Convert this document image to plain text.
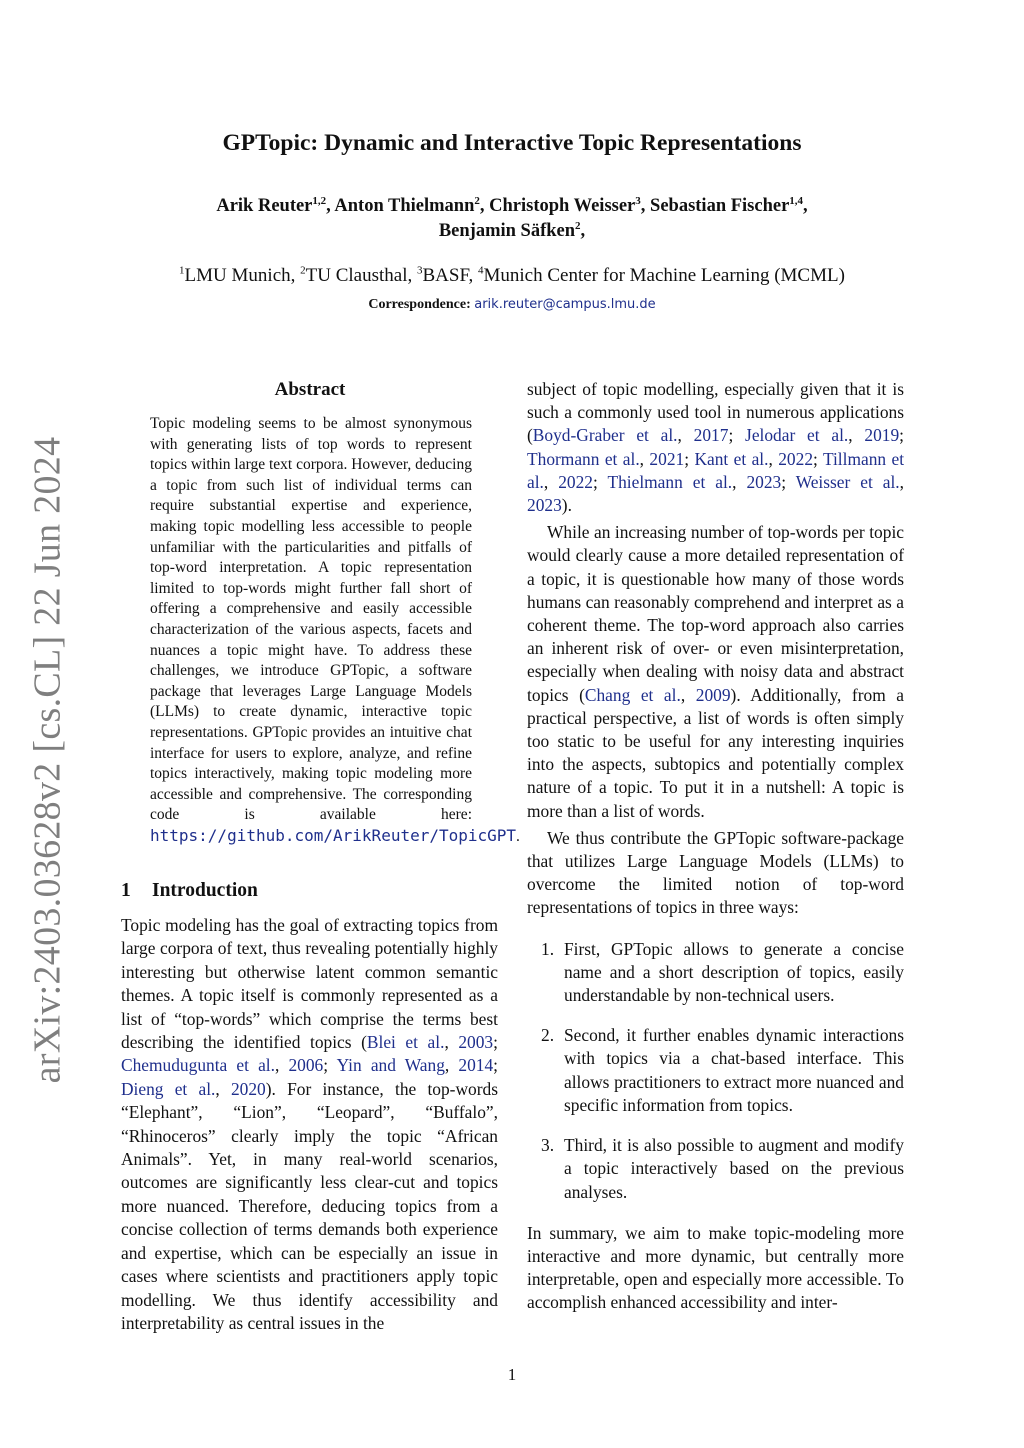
arXiv:2403.03628v2 [cs.CL] 22 Jun 2024
GPTopic: Dynamic and Interactive Topic Representations
Arik Reuter$^{1,2}$, Anton Thielmann$^2$, Christoph Weisser$^3$, Sebastian Fischer$^{1,4}$,
Benjamin Säfken$^2$,
$^1$LMU Munich, $^2$TU Clausthal, $^3$BASF, $^4$Munich Center for Machine Learning (MCML)
Correspondence: arik.reuter@campus.lmu.de
Abstract
Topic modeling seems to be almost synonymous with generating lists of top words to represent topics within large text corpora. However, deducing a topic from such list of individual terms can require substantial expertise and experience, making topic modelling less accessible to people unfamiliar with the particularities and pitfalls of top-word interpretation. A topic representation limited to top-words might further fall short of offering a comprehensive and easily accessible characterization of the various aspects, facets and nuances a topic might have. To address these challenges, we introduce GPTopic, a software package that leverages Large Language Models (LLMs) to create dynamic, interactive topic representations. GPTopic provides an intuitive chat interface for users to explore, analyze, and refine topics interactively, making topic modeling more accessible and comprehensive. The corresponding code is available here: https://github.com/ArikReuter/TopicGPT.
1 Introduction
Topic modeling has the goal of extracting topics from large corpora of text, thus revealing potentially highly interesting but otherwise latent common semantic themes. A topic itself is commonly represented as a list of “top-words” which comprise the terms best describing the identified topics (Blei et al., 2003; Chemudugunta et al., 2006; Yin and Wang, 2014; Dieng et al., 2020). For instance, the top-words “Elephant”, “Lion”, “Leopard”, “Buffalo”, “Rhinoceros” clearly imply the topic “African Animals”. Yet, in many real-world scenarios, outcomes are significantly less clear-cut and topics more nuanced. Therefore, deducing topics from a concise collection of terms demands both experience and expertise, which can be especially an issue in cases where scientists and practitioners apply topic modelling. We thus identify accessibility and interpretability as central issues in the

subject of topic modelling, especially given that it is such a commonly used tool in numerous applications (Boyd-Graber et al., 2017; Jelodar et al., 2019; Thormann et al., 2021; Kant et al., 2022; Tillmann et al., 2022; Thielmann et al., 2023; Weisser et al., 2023).

While an increasing number of top-words per topic would clearly cause a more detailed representation of a topic, it is questionable how many of those words humans can reasonably comprehend and interpret as a coherent theme. The top-word approach also carries an inherent risk of over- or even misinterpretation, especially when dealing with noisy data and abstract topics (Chang et al., 2009). Additionally, from a practical perspective, a list of words is often simply too static to be useful for any interesting inquiries into the aspects, subtopics and potentially complex nature of a topic. To put it in a nutshell: A topic is more than a list of words.

We thus contribute the GPTopic software-package that utilizes Large Language Models (LLMs) to overcome the limited notion of top-word representations of topics in three ways:

1. First, GPTopic allows to generate a concise name and a short description of topics, easily understandable by non-technical users.
2. Second, it further enables dynamic interactions with topics via a chat-based interface. This allows practitioners to extract more nuanced and specific information from topics.
3. Third, it is also possible to augment and modify a topic interactively based on the previous analyses.

In summary, we aim to make topic-modeling more interactive and more dynamic, but centrally more interpretable, open and especially more accessible. To accomplish enhanced accessibility and inter-

1
